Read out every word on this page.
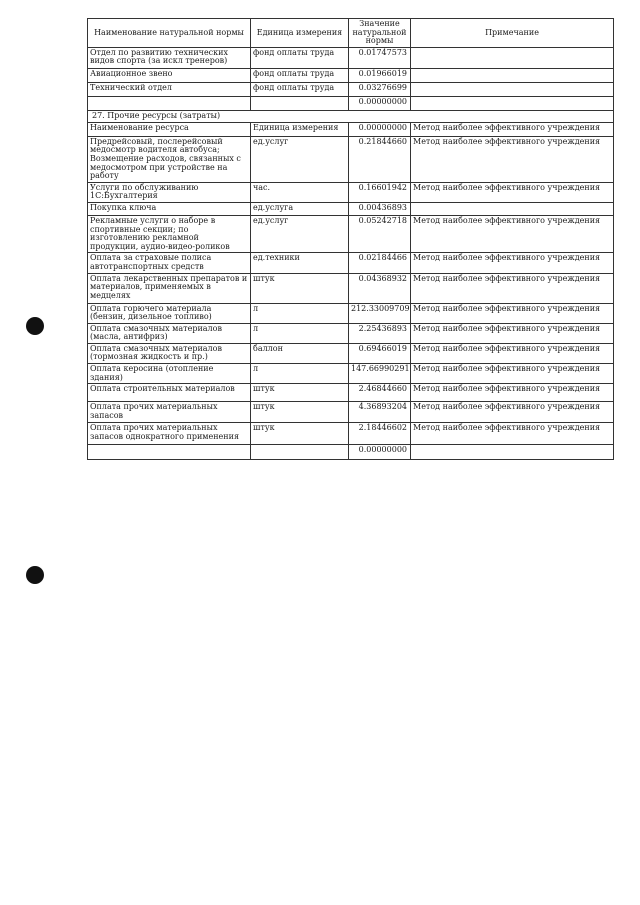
Наименование натуральной нормы	Единица измерения	Значение натуральной нормы	Примечание
Отдел по развитию технических видов спорта (за искл тренеров)	фонд оплаты труда	0.01747573	
Авиационное звено	фонд оплаты труда	0.01966019	
Технический отдел	фонд оплаты труда	0.03276699	
		0.00000000	
27. Прочие ресурсы (затраты)			
Наименование ресурса	Единица измерения	0.00000000	Метод наиболее эффективного учреждения
Предрейсовый, послерейсовый медосмотр водителя автобуса; Возмещение расходов, связанных с медосмотром при устройстве на работу	ед.услуг	0.21844660	Метод наиболее эффективного учреждения
Услуги по обслуживанию 1С:Бухгалтерия	час.	0.16601942	Метод наиболее эффективного учреждения
Покупка ключа	ед.услуга	0.00436893	
Рекламные услуги о наборе в спортивные секции; по изготовлению рекламной продукции, аудио-видео-роликов	ед.услуг	0.05242718	Метод наиболее эффективного учреждения
Оплата за страховые полиса автотранспортных средств	ед.техники	0.02184466	Метод наиболее эффективного учреждения
Оплата лекарственных препаратов и материалов, применяемых в медцелях	штук	0.04368932	Метод наиболее эффективного учреждения
Оплата горючего материала (бензин, дизельное топливо)	л	212.33009709	Метод наиболее эффективного учреждения
Оплата смазочных материалов (масла, антифриз)	л	2.25436893	Метод наиболее эффективного учреждения
Оплата смазочных материалов (тормозная жидкость и пр.)	баллон	0.69466019	Метод наиболее эффективного учреждения
Оплата керосина (отопление здания)	л	147.66990291	Метод наиболее эффективного учреждения
Оплата строительных материалов	штук	2.46844660	Метод наиболее эффективного учреждения
Оплата прочих материальных запасов	штук	4.36893204	Метод наиболее эффективного учреждения
Оплата прочих материальных запасов однократного применения	штук	2.18446602	Метод наиболее эффективного учреждения
		0.00000000	
